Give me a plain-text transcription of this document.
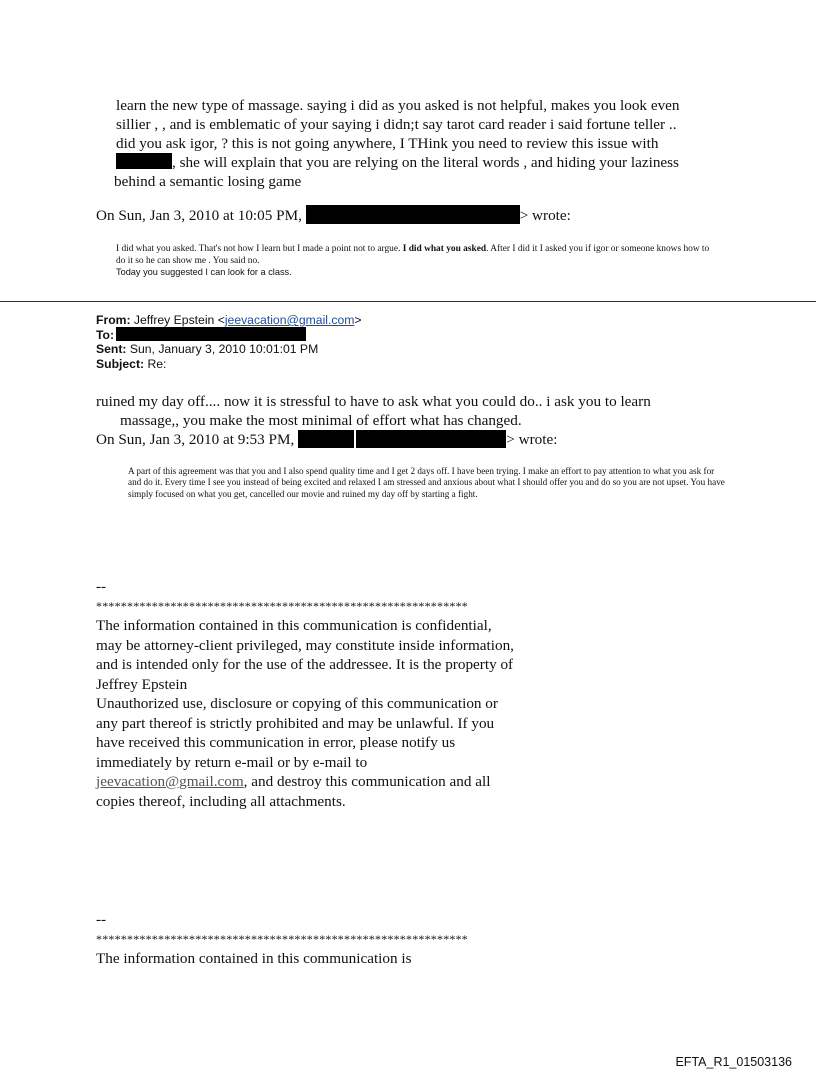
learn the new type of massage. saying i did as you asked is not helpful, makes you look even
sillier , , and is emblematic of your saying i didn;t say tarot card reader i said fortune teller ..
did you ask igor, ? this is not going anywhere, I THink you need to review this issue with
, she will explain that you are relying on the literal words , and hiding your laziness
behind a semantic losing game
On Sun, Jan 3, 2010 at 10:05 PM,	> wrote:
I did what you asked. That's not how I learn but I made a point not to argue. I did what you asked. After I did it I asked you if igor or someone knows how to do it so he can show me . You said no.
Today you suggested I can look for a class.
From: Jeffrey Epstein <jeevacation@gmail.com>
To:
Sent: Sun, January 3, 2010 10:01:01 PM
Subject: Re:
ruined my day off.... now it is stressful to have to ask what you could do.. i ask you to learn
massage,, you make the most minimal of effort what has changed.
On Sun, Jan 3, 2010 at 9:53 PM,	> wrote:
A part of this agreement was that you and I also spend quality time and I get 2 days off. I have been trying. I make an effort to pay attention to what you ask for and do it. Every time I see you instead of being excited and relaxed I am stressed and anxious about what I should offer you and do so you are not upset. You have simply focused on what you get, cancelled our movie and ruined my day off by starting a fight.
--
************************************************************
The information contained in this communication is confidential, may be attorney-client privileged, may constitute inside information, and is intended only for the use of the addressee. It is the property of
Jeffrey Epstein
Unauthorized use, disclosure or copying of this communication or any part thereof is strictly prohibited and may be unlawful. If you have received this communication in error, please notify us immediately by return e-mail or by e-mail to jeevacation@gmail.com, and destroy this communication and all copies thereof, including all attachments.
--
************************************************************
The information contained in this communication is
EFTA_R1_01503136
